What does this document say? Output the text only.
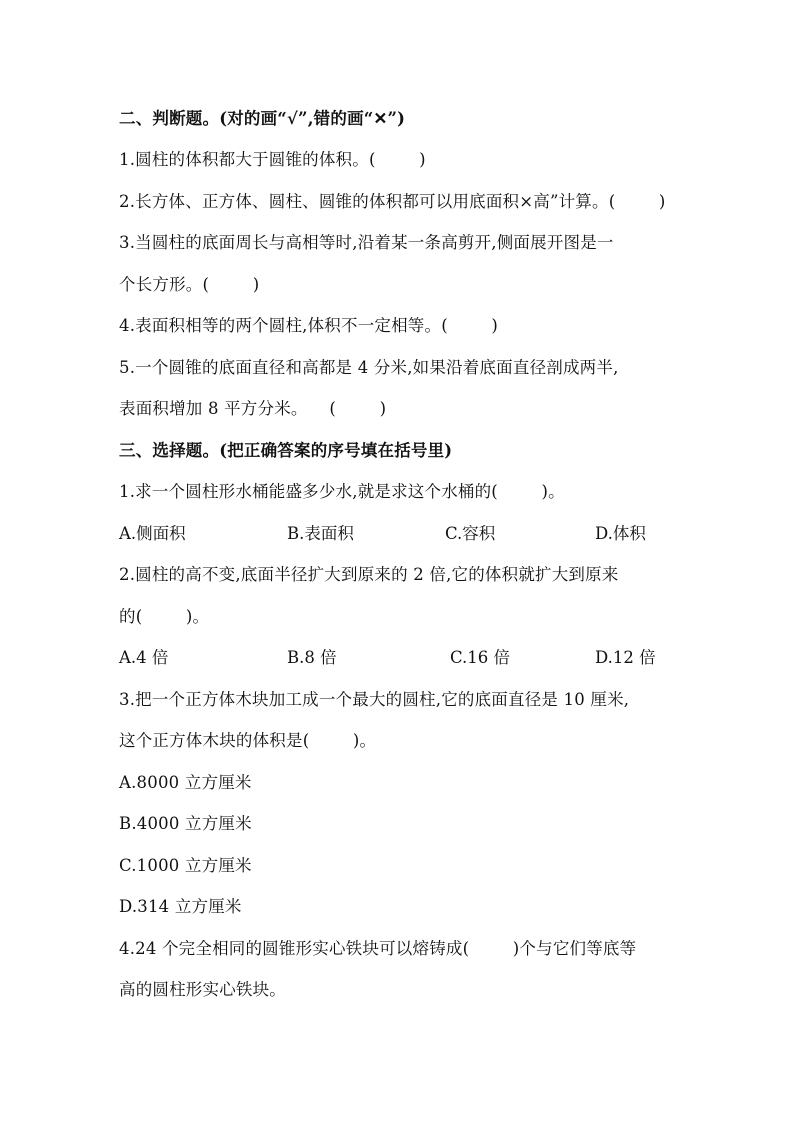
二、判断题。(对的画“√”,错的画“✕”)
1.圆柱的体积都大于圆锥的体积。(        )
2.长方体、正方体、圆柱、圆锥的体积都可以用底面积×高”计算。(        )
3.当圆柱的底面周长与高相等时,沿着某一条高剪开,侧面展开图是一
个长方形。(        )
4.表面积相等的两个圆柱,体积不一定相等。(        )
5.一个圆锥的底面直径和高都是 4 分米,如果沿着底面直径剖成两半,
表面积增加 8 平方分米。    (        )
三、选择题。(把正确答案的序号填在括号里)
1.求一个圆柱形水桶能盛多少水,就是求这个水桶的(        )。
A.侧面积	B.表面积	C.容积	D.体积
2.圆柱的高不变,底面半径扩大到原来的 2 倍,它的体积就扩大到原来
的(        )。
A.4 倍	B.8 倍	C.16 倍	D.12 倍
3.把一个正方体木块加工成一个最大的圆柱,它的底面直径是 10 厘米,
这个正方体木块的体积是(        )。
A.8000 立方厘米
B.4000 立方厘米
C.1000 立方厘米
D.314 立方厘米
4.24 个完全相同的圆锥形实心铁块可以熔铸成(        )个与它们等底等
高的圆柱形实心铁块。
